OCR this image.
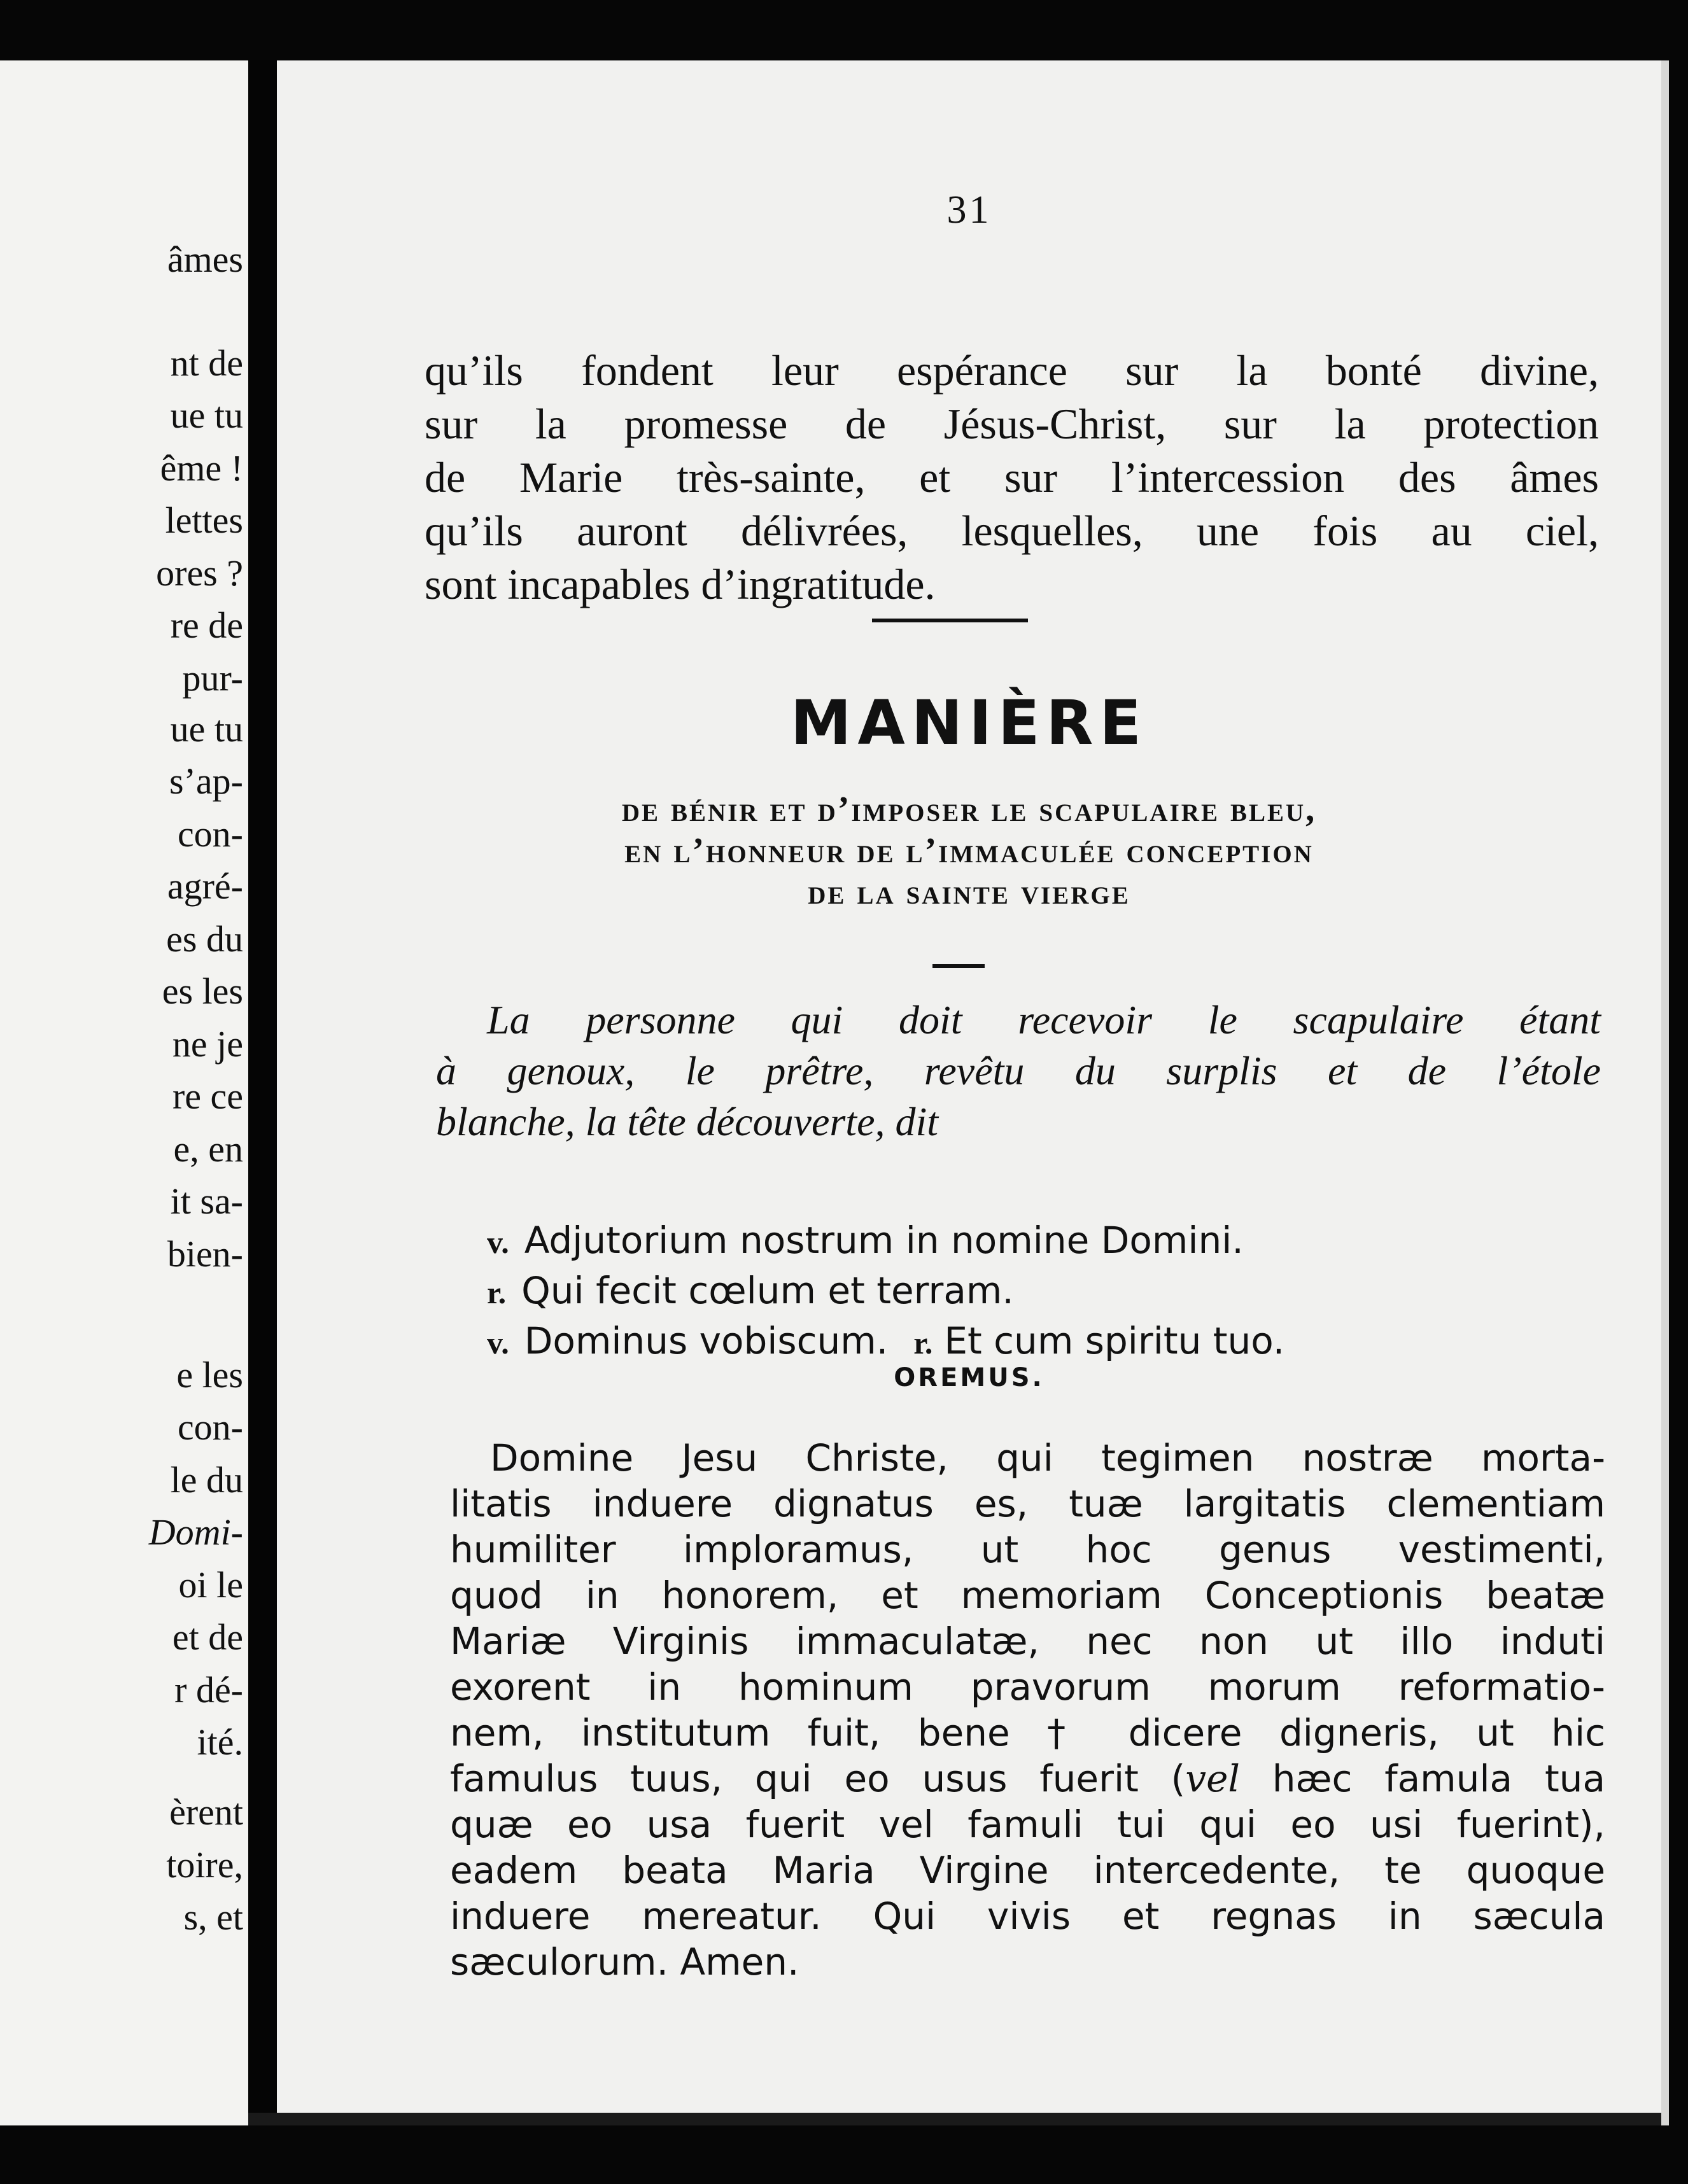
âmes
nt de
ue tu
ême !
lettes
ores ?
re de
pur-
ue tu
s’ap-
con-
agré-
es du
es les
ne je
re ce
e, en
it sa-
bien-
e les
con-
le du
Domi-
oi le
et de
r dé-
ité.
èrent
toire,
s, et
31
qu’ils fondent leur espérance sur la bonté divine,
sur la promesse de Jésus-Christ, sur la protection
de Marie très-sainte, et sur l’intercession des âmes
qu’ils auront délivrées, lesquelles, une fois au ciel,
sont incapables d’ingratitude.
MANIÈRE
de bénir et d’imposer le scapulaire bleu,
en l’honneur de l’immaculée conception
de la sainte vierge
La personne qui doit recevoir le scapulaire étant
à genoux, le prêtre, revêtu du surplis et de l’étole
blanche, la tête découverte, dit
v. Adjutorium nostrum in nomine Domini.
r. Qui fecit cœlum et terram.
v. Dominus vobiscum. r. Et cum spiritu tuo.
OREMUS.
Domine Jesu Christe, qui tegimen nostræ morta-
litatis induere dignatus es, tuæ largitatis clementiam
humiliter imploramus, ut hoc genus vestimenti,
quod in honorem, et memoriam Conceptionis beatæ
Mariæ Virginis immaculatæ, nec non ut illo induti
exorent in hominum pravorum morum reformatio-
nem, institutum fuit, bene † dicere digneris, ut hic
famulus tuus, qui eo usus fuerit (vel hæc famula tua
quæ eo usa fuerit vel famuli tui qui eo usi fuerint),
eadem beata Maria Virgine intercedente, te quoque
induere mereatur. Qui vivis et regnas in sæcula
sæculorum. Amen.
